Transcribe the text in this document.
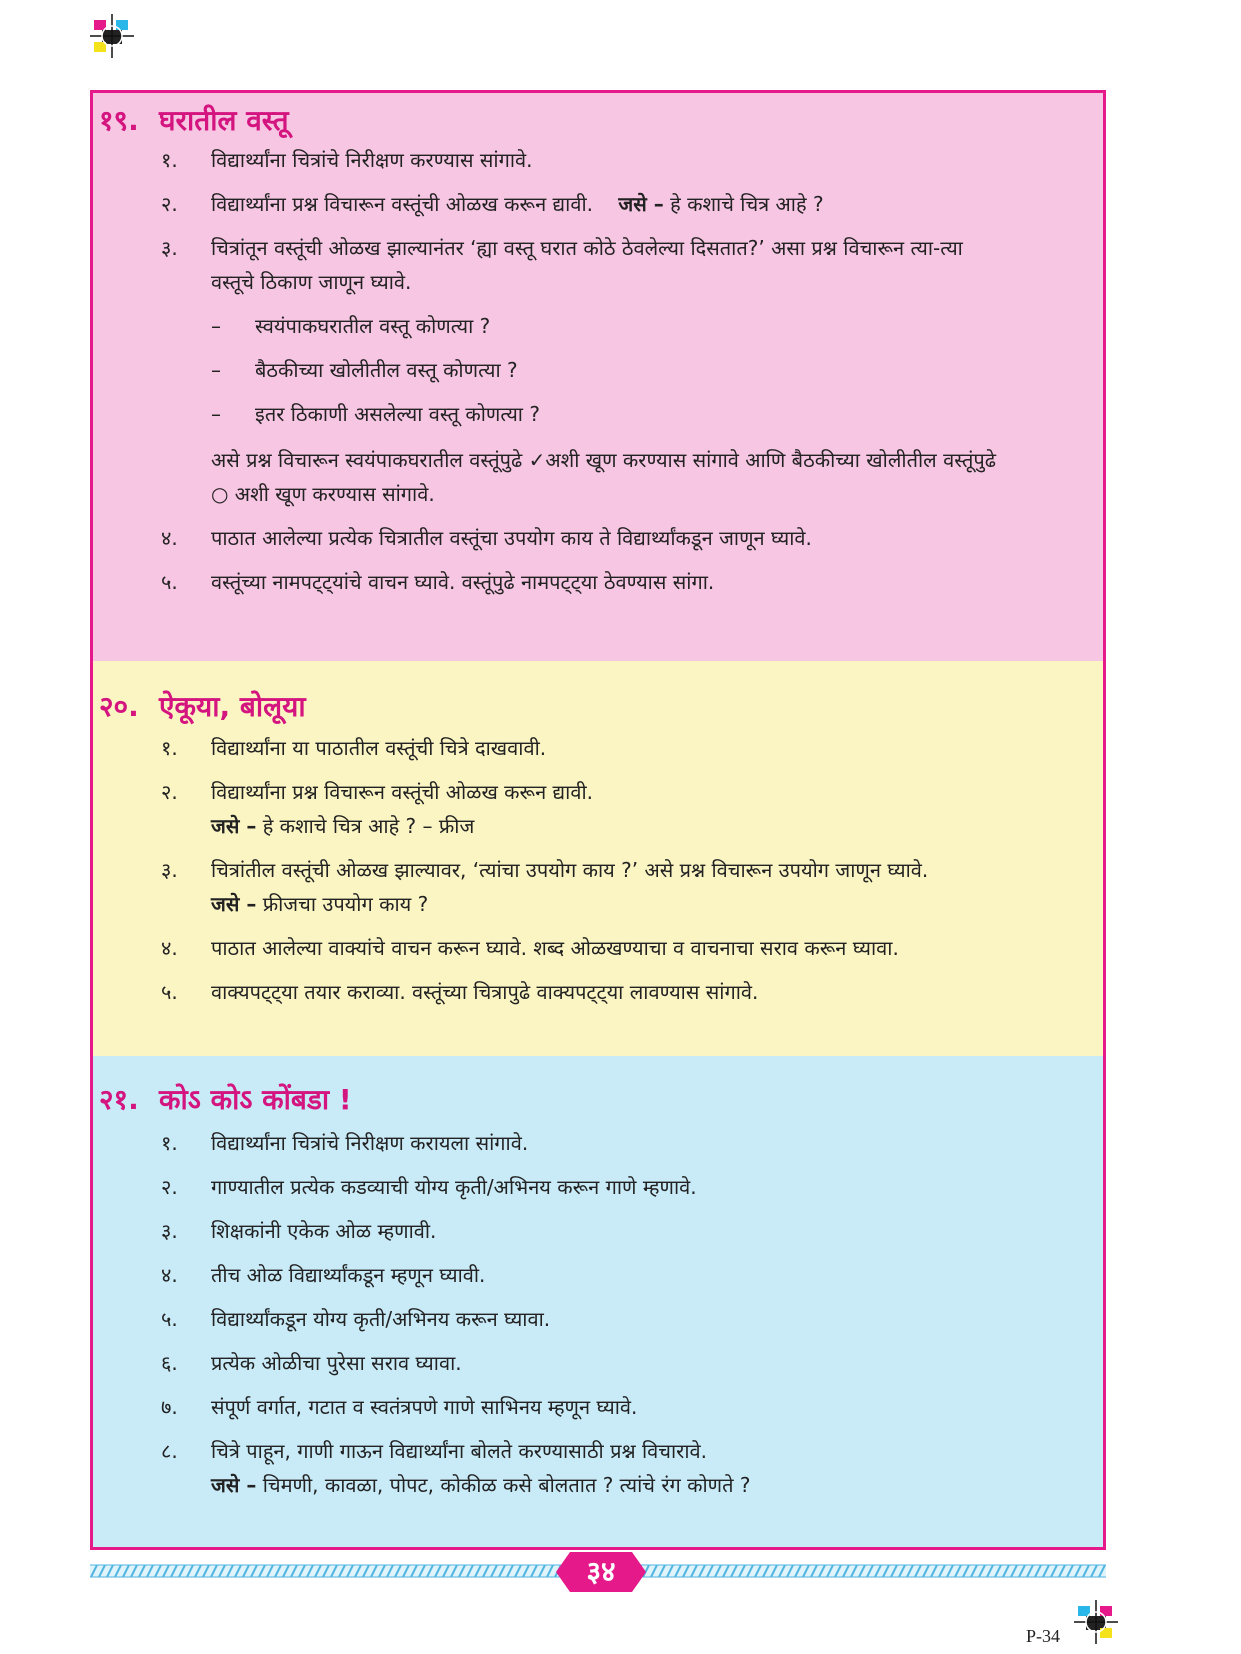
१९. घरातील वस्तू
१. विद्यार्थ्यांना चित्रांचे निरीक्षण करण्यास सांगावे.
२. विद्यार्थ्यांना प्रश्न विचारून वस्तूंची ओळख करून द्यावी. जसे – हे कशाचे चित्र आहे ?
३. चित्रांतून वस्तूंची ओळख झाल्यानंतर ‘ह्या वस्तू घरात कोठे ठेवलेल्या दिसतात?’ असा प्रश्न विचारून त्या-त्या
वस्तूचे ठिकाण जाणून घ्यावे.
– स्वयंपाकघरातील वस्तू कोणत्या ?
– बैठकीच्या खोलीतील वस्तू कोणत्या ?
– इतर ठिकाणी असलेल्या वस्तू कोणत्या ?
असे प्रश्न विचारून स्वयंपाकघरातील वस्तूंपुढे ✓अशी खूण करण्यास सांगावे आणि बैठकीच्या खोलीतील वस्तूंपुढे
○ अशी खूण करण्यास सांगावे.
४. पाठात आलेल्या प्रत्येक चित्रातील वस्तूंचा उपयोग काय ते विद्यार्थ्यांकडून जाणून घ्यावे.
५. वस्तूंच्या नामपट्ट्यांचे वाचन घ्यावे. वस्तूंपुढे नामपट्ट्या ठेवण्यास सांगा.
२०. ऐकूया, बोलूया
१. विद्यार्थ्यांना या पाठातील वस्तूंची चित्रे दाखवावी.
२. विद्यार्थ्यांना प्रश्न विचारून वस्तूंची ओळख करून द्यावी.
जसे – हे कशाचे चित्र आहे ? – फ्रीज
३. चित्रांतील वस्तूंची ओळख झाल्यावर, ‘त्यांचा उपयोग काय ?’ असे प्रश्न विचारून उपयोग जाणून घ्यावे.
जसे – फ्रीजचा उपयोग काय ?
४. पाठात आलेल्या वाक्यांचे वाचन करून घ्यावे. शब्द ओळखण्याचा व वाचनाचा सराव करून घ्यावा.
५. वाक्यपट्ट्या तयार कराव्या. वस्तूंच्या चित्रापुढे वाक्यपट्ट्या लावण्यास सांगावे.
२१. कोऽ कोऽ कोंबडा !
१. विद्यार्थ्यांना चित्रांचे निरीक्षण करायला सांगावे.
२. गाण्यातील प्रत्येक कडव्याची योग्य कृती/अभिनय करून गाणे म्हणावे.
३. शिक्षकांनी एकेक ओळ म्हणावी.
४. तीच ओळ विद्यार्थ्यांकडून म्हणून घ्यावी.
५. विद्यार्थ्यांकडून योग्य कृती/अभिनय करून घ्यावा.
६. प्रत्येक ओळीचा पुरेसा सराव घ्यावा.
७. संपूर्ण वर्गात, गटात व स्वतंत्रपणे गाणे साभिनय म्हणून घ्यावे.
८. चित्रे पाहून, गाणी गाऊन विद्यार्थ्यांना बोलते करण्यासाठी प्रश्न विचारावे.
जसे – चिमणी, कावळा, पोपट, कोकीळ कसे बोलतात ? त्यांचे रंग कोणते ?
३४
P-34
